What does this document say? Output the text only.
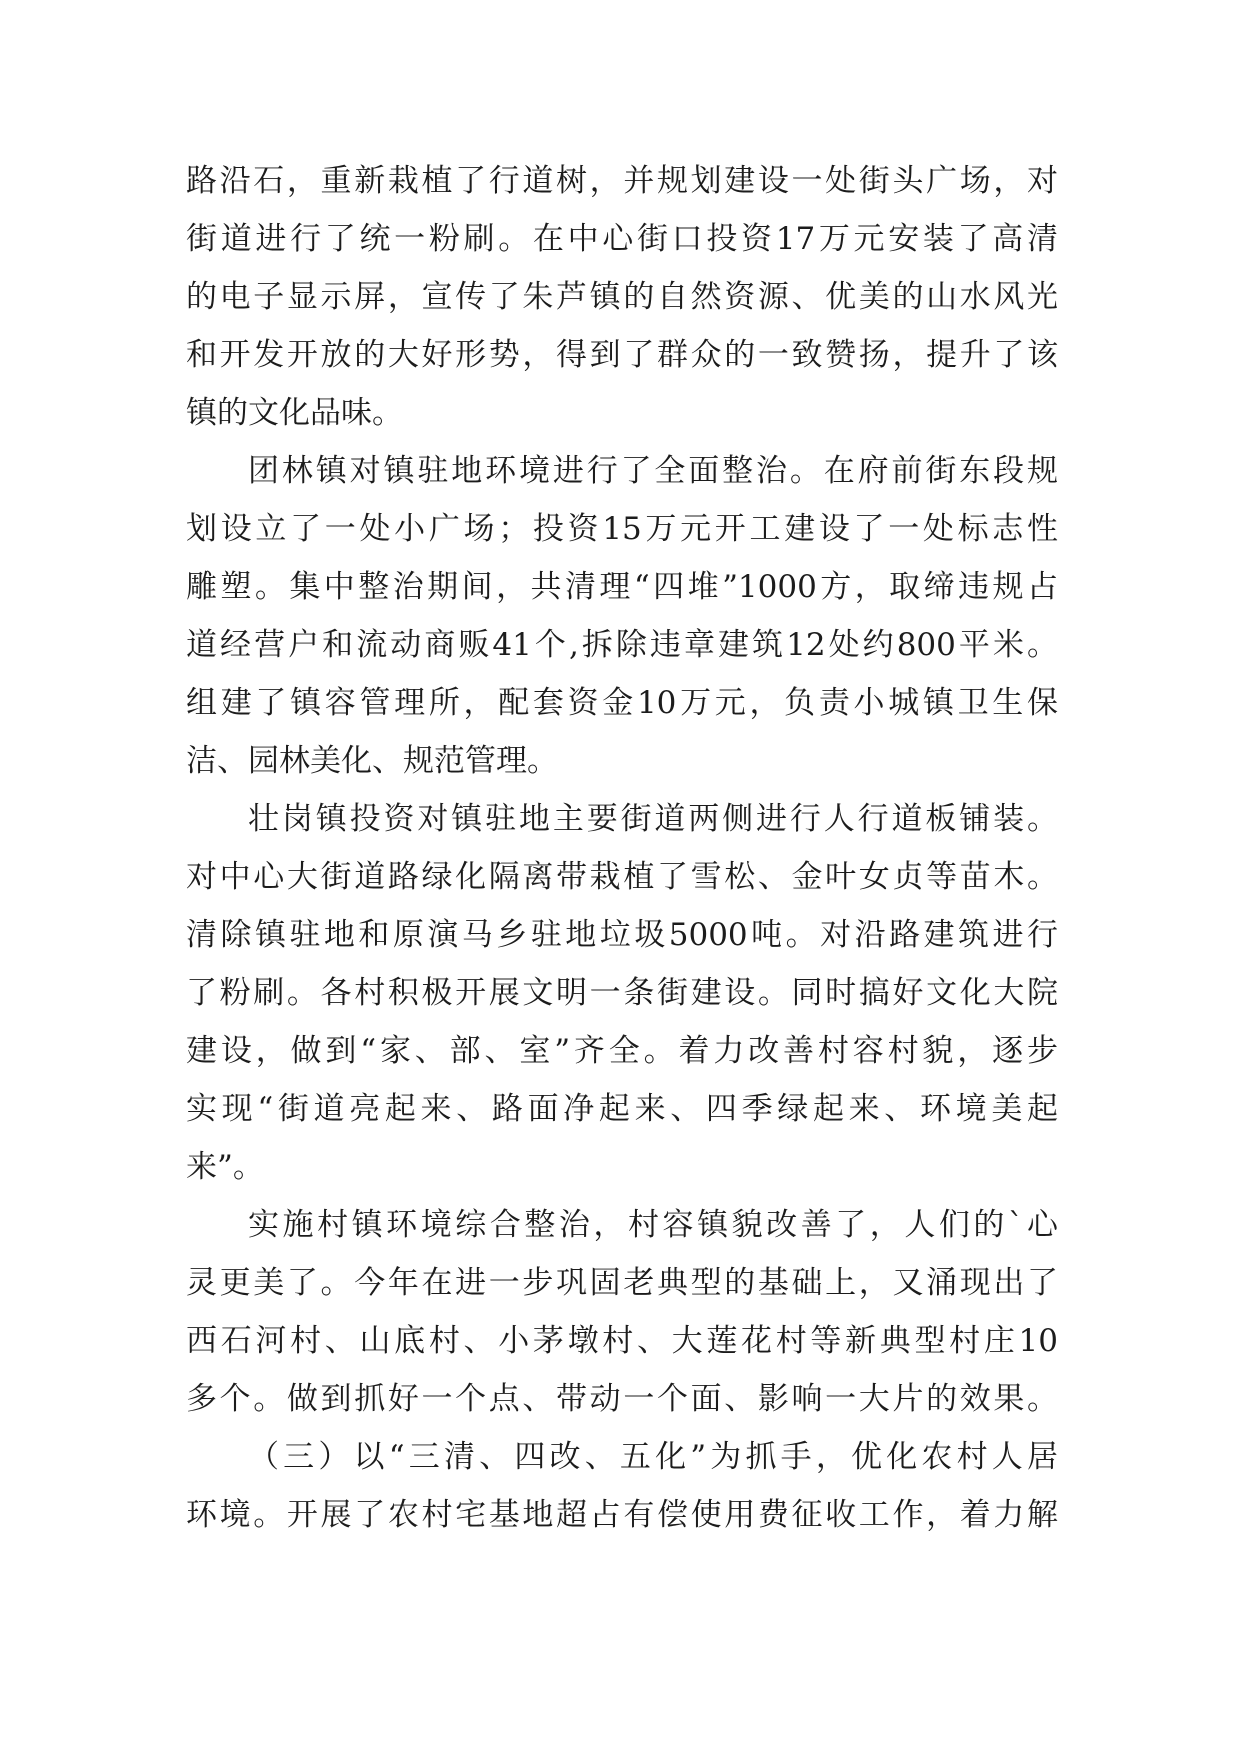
路沿石，重新栽植了行道树，并规划建设一处街头广场，对
街道进行了统一粉刷。在中心街口投资17万元安装了高清
的电子显示屏，宣传了朱芦镇的自然资源、优美的山水风光
和开发开放的大好形势，得到了群众的一致赞扬，提升了该
镇的文化品味。
团林镇对镇驻地环境进行了全面整治。在府前街东段规
划设立了一处小广场；投资15万元开工建设了一处标志性
雕塑。集中整治期间，共清理“四堆”1000方，取缔违规占
道经营户和流动商贩41个,拆除违章建筑12处约800平米。
组建了镇容管理所，配套资金10万元，负责小城镇卫生保
洁、园林美化、规范管理。
壮岗镇投资对镇驻地主要街道两侧进行人行道板铺装。
对中心大街道路绿化隔离带栽植了雪松、金叶女贞等苗木。
清除镇驻地和原演马乡驻地垃圾5000吨。对沿路建筑进行
了粉刷。各村积极开展文明一条街建设。同时搞好文化大院
建设，做到“家、部、室”齐全。着力改善村容村貌，逐步
实现“街道亮起来、路面净起来、四季绿起来、环境美起
来”。
实施村镇环境综合整治，村容镇貌改善了，人们的`心
灵更美了。今年在进一步巩固老典型的基础上，又涌现出了
西石河村、山底村、小茅墩村、大莲花村等新典型村庄10
多个。做到抓好一个点、带动一个面、影响一大片的效果。
（三）以“三清、四改、五化”为抓手，优化农村人居
环境。开展了农村宅基地超占有偿使用费征收工作，着力解
